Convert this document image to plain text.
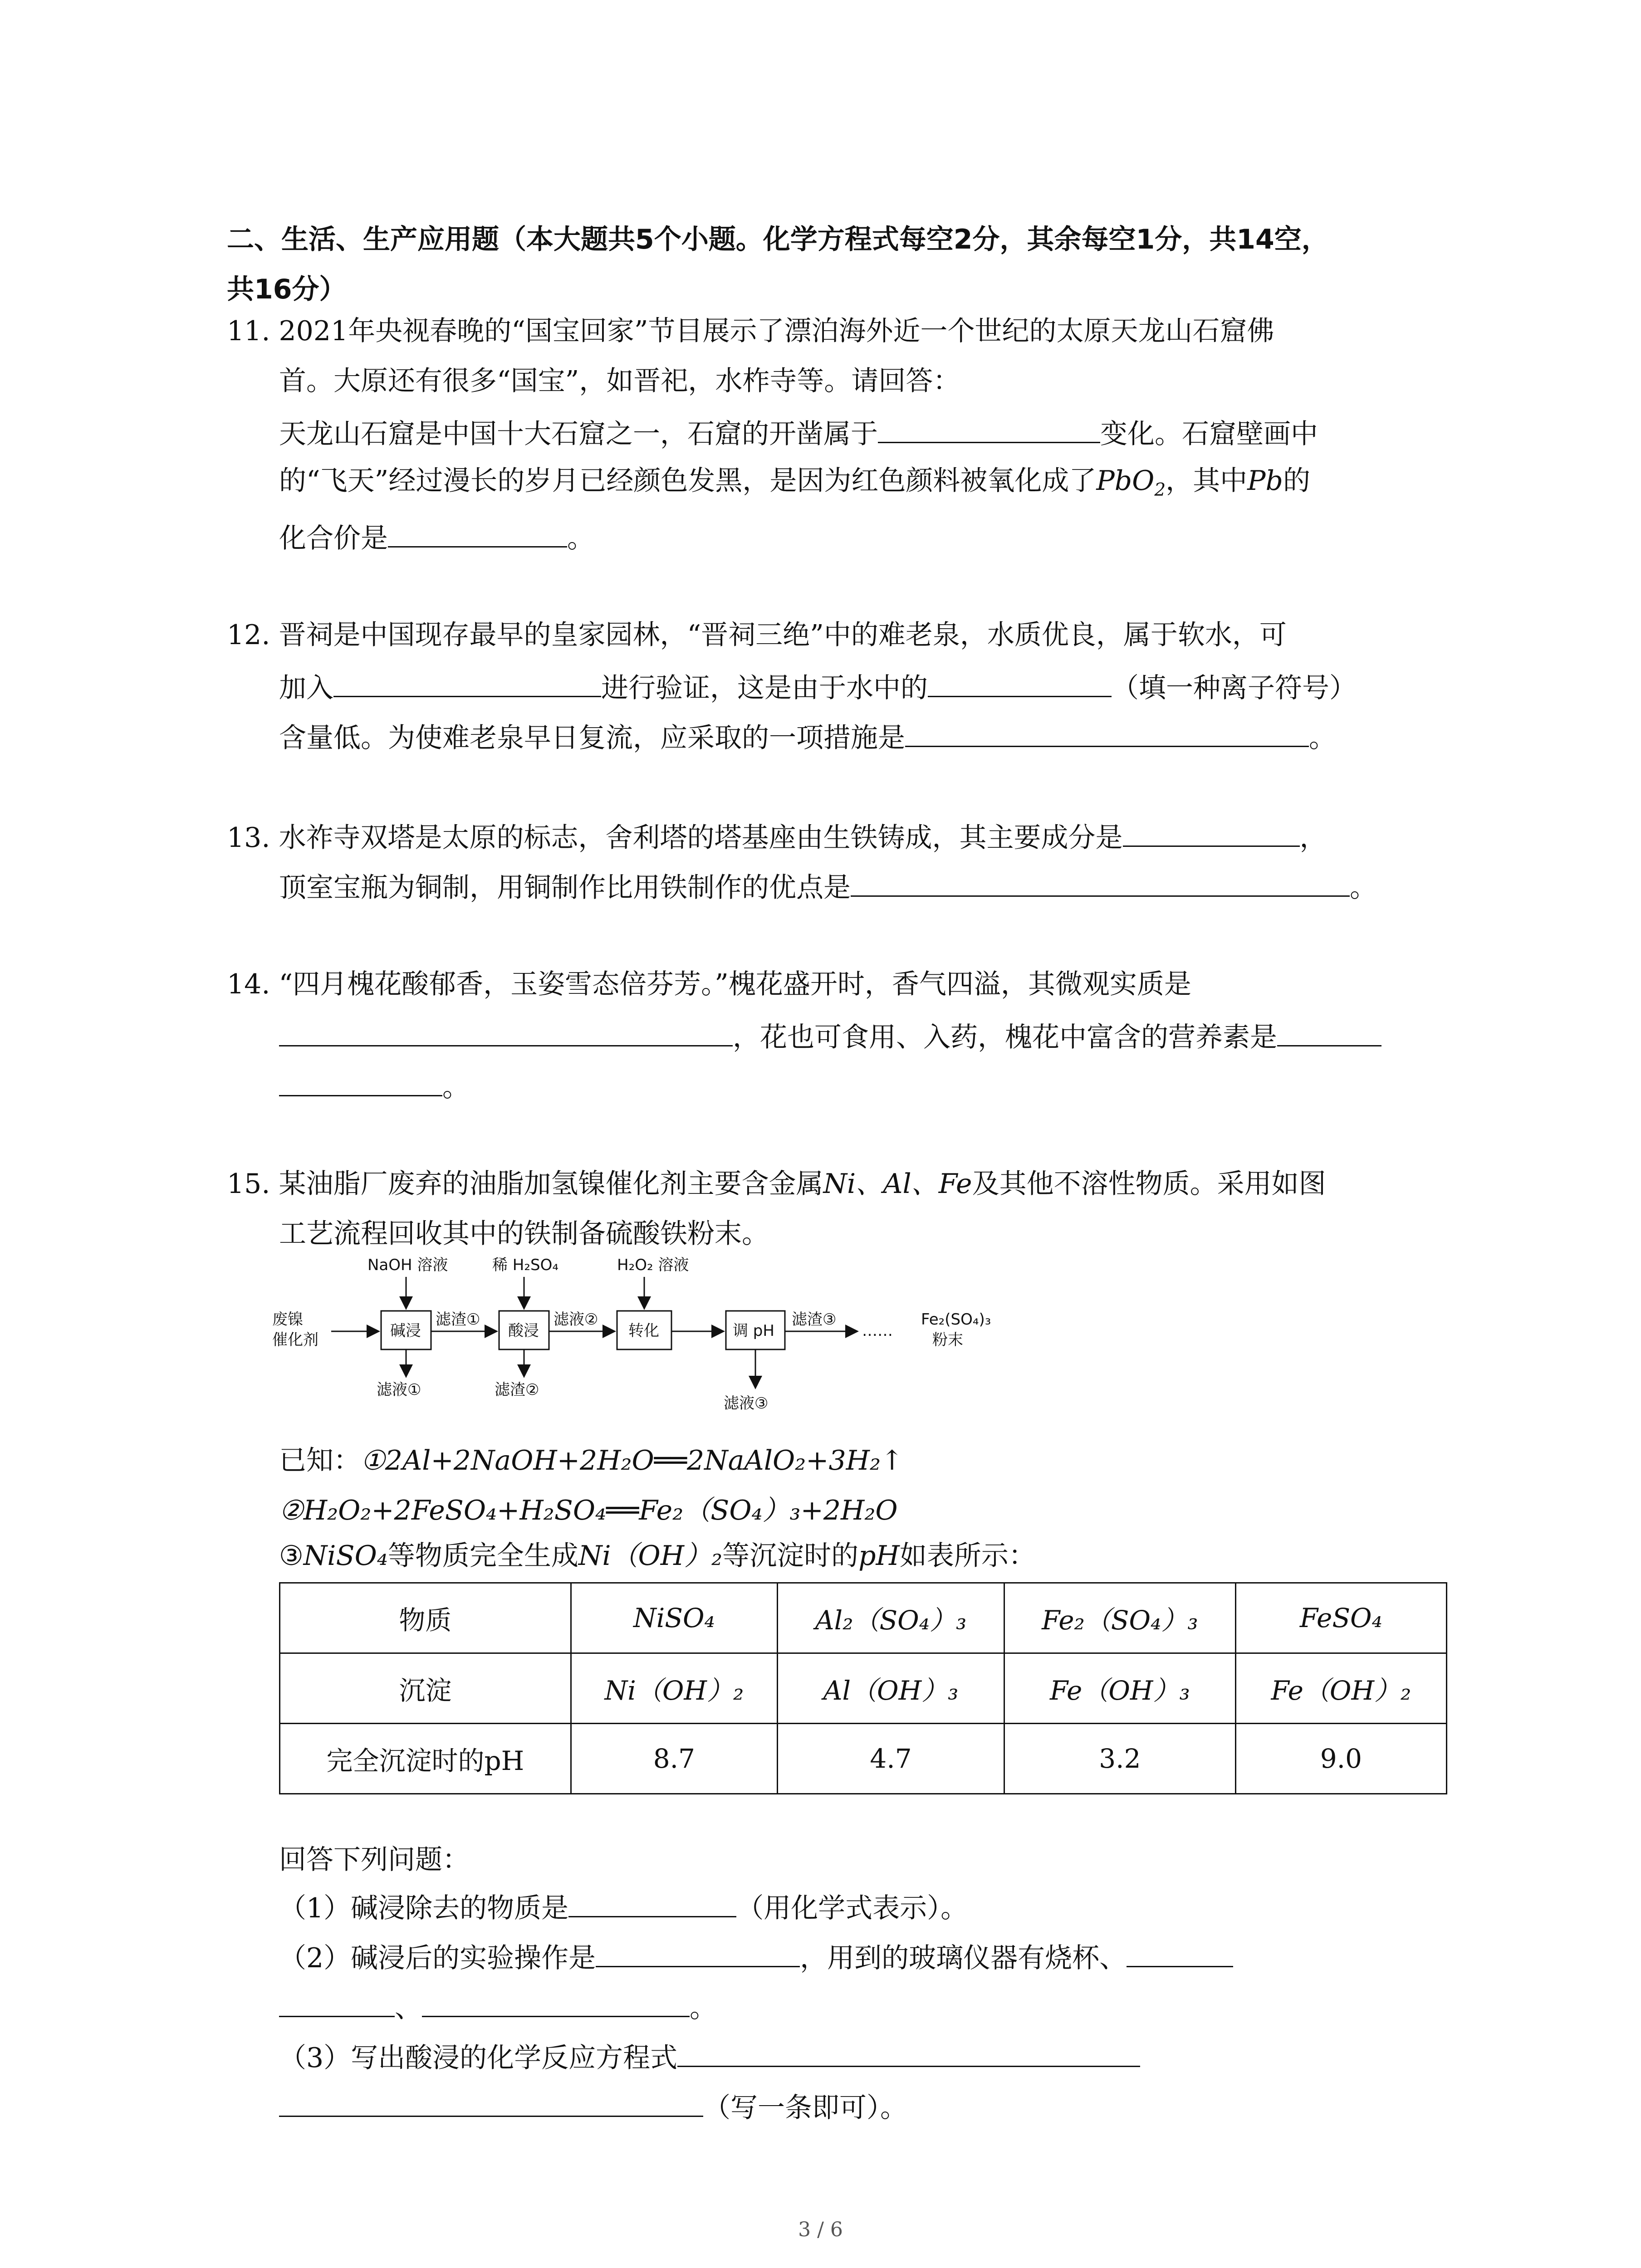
二、生活、生产应用题（本大题共5个小题。化学方程式每空2分，其余每空1分，共14空，
共16分）
11. 2021年央视春晚的“国宝回家”节目展示了漂泊海外近一个世纪的太原天龙山石窟佛
首。大原还有很多“国宝”，如晋祀，水柞寺等。请回答：
天龙山石窟是中国十大石窟之一，石窟的开凿属于	变化。石窟壁画中
的“飞天”经过漫长的岁月已经颜色发黑，是因为红色颜料被氧化成了PbO$_2$，其中Pb的
化合价是	。
12. 晋祠是中国现存最早的皇家园林，“晋祠三绝”中的难老泉，水质优良，属于软水，可
加入	进行验证，这是由于水中的	（填一种离子符号）
含量低。为使难老泉早日复流，应采取的一项措施是	。
13. 水祚寺双塔是太原的标志，舍利塔的塔基座由生铁铸成，其主要成分是	，
顶室宝瓶为铜制，用铜制作比用铁制作的优点是	。
14. “四月槐花酸郁香，玉姿雪态倍芬芳。”槐花盛开时，香气四溢，其微观实质是
，花也可食用、入药，槐花中富含的营养素是
。
15. 某油脂厂废弃的油脂加氢镍催化剂主要含金属Ni、Al、Fe及其他不溶性物质。采用如图
工艺流程回收其中的铁制备硫酸铁粉末。
废镍
催化剂	碱浸
NaOH 溶液
滤液①
滤渣①
酸浸
稀 H₂SO₄
滤渣②
滤液②
转化
H₂O₂ 溶液
调 pH
滤液③
滤渣③
……
Fe₂(SO₄)₃
粉末
已知：①2Al+2NaOH+2H₂O══2NaAlO₂+3H₂↑
②H₂O₂+2FeSO₄+H₂SO₄══Fe₂（SO₄）₃+2H₂O
③NiSO₄等物质完全生成Ni（OH）₂等沉淀时的pH如表所示：
物质	NiSO₄	Al₂（SO₄）₃	Fe₂（SO₄）₃	FeSO₄
沉淀	Ni（OH）₂	Al（OH）₃	Fe（OH）₃	Fe（OH）₂
完全沉淀时的pH	8.7	4.7	3.2	9.0
回答下列问题：
（1）碱浸除去的物质是	（用化学式表示）。
（2）碱浸后的实验操作是	，用到的玻璃仪器有烧杯、
、	。
（3）写出酸浸的化学反应方程式
（写一条即可）。
3 / 6
